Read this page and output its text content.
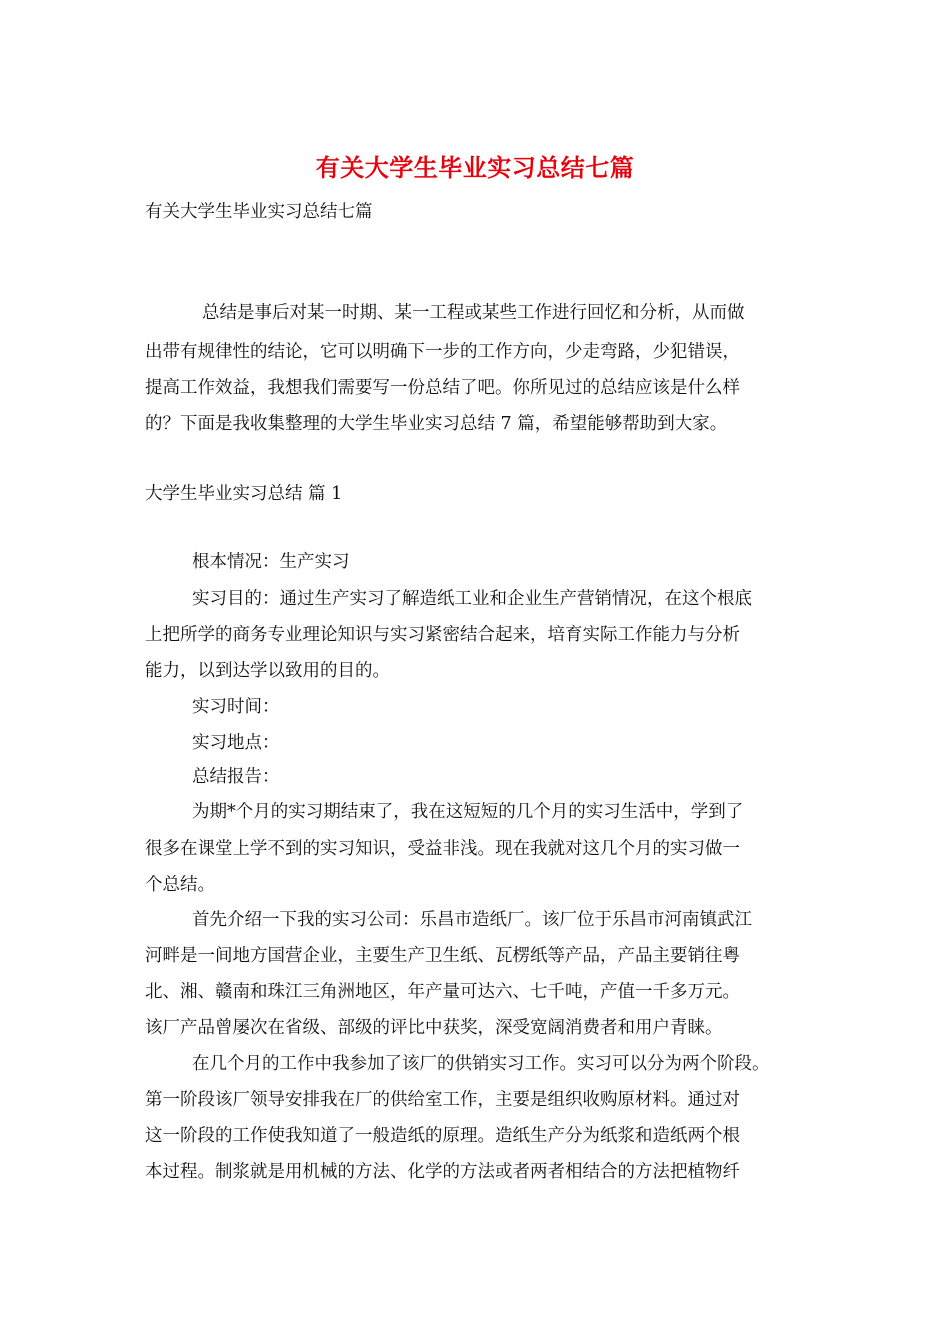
有关大学生毕业实习总结七篇
有关大学生毕业实习总结七篇
总结是事后对某一时期、某一工程或某些工作进行回忆和分析，从而做
出带有规律性的结论，它可以明确下一步的工作方向，少走弯路，少犯错误，
提高工作效益，我想我们需要写一份总结了吧。你所见过的总结应该是什么样
的？下面是我收集整理的大学生毕业实习总结 7 篇，希望能够帮助到大家。
大学生毕业实习总结 篇 1
根本情况：生产实习
实习目的：通过生产实习了解造纸工业和企业生产营销情况，在这个根底
上把所学的商务专业理论知识与实习紧密结合起来，培育实际工作能力与分析
能力，以到达学以致用的目的。
实习时间：
实习地点：
总结报告：
为期*个月的实习期结束了，我在这短短的几个月的实习生活中，学到了
很多在课堂上学不到的实习知识，受益非浅。现在我就对这几个月的实习做一
个总结。
首先介绍一下我的实习公司：乐昌市造纸厂。该厂位于乐昌市河南镇武江
河畔是一间地方国营企业，主要生产卫生纸、瓦楞纸等产品，产品主要销往粤
北、湘、赣南和珠江三角洲地区，年产量可达六、七千吨，产值一千多万元。
该厂产品曾屡次在省级、部级的评比中获奖，深受宽阔消费者和用户青睐。
在几个月的工作中我参加了该厂的供销实习工作。实习可以分为两个阶段。
第一阶段该厂领导安排我在厂的供给室工作，主要是组织收购原材料。通过对
这一阶段的工作使我知道了一般造纸的原理。造纸生产分为纸浆和造纸两个根
本过程。制浆就是用机械的方法、化学的方法或者两者相结合的方法把植物纤
